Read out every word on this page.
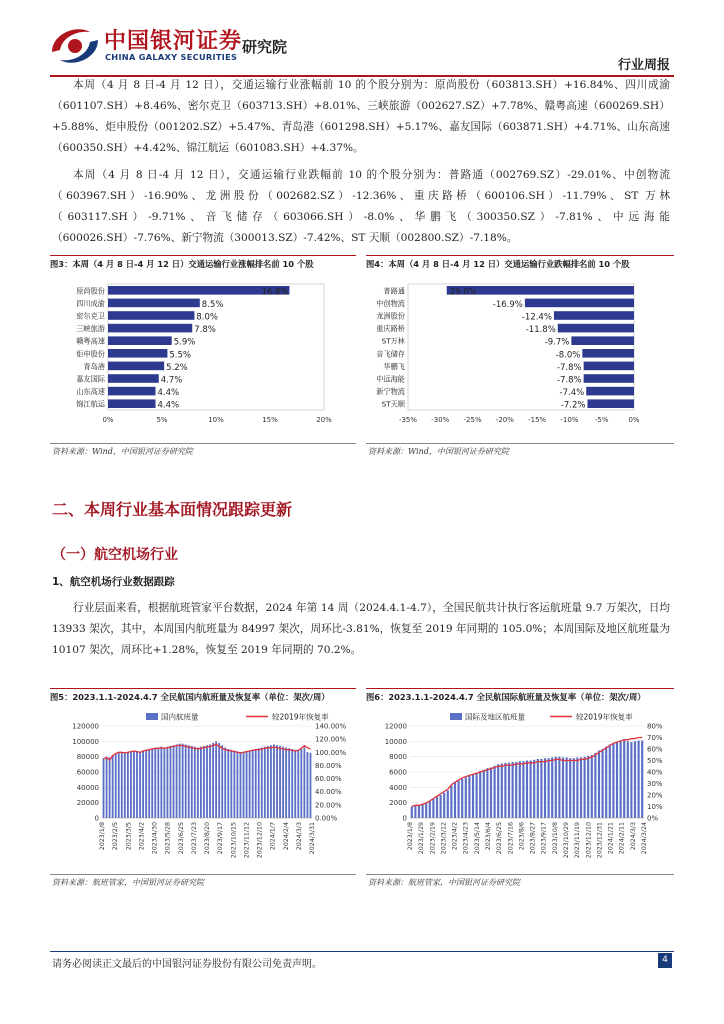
中国银河证券
CHINA GALAXY SECURITIES
研究院
行业周报

本周（4 月 8 日-4 月 12 日），交通运输行业涨幅前 10 的个股分别为：原尚股份（603813.SH）+16.84%、四川成渝（601107.SH）+8.46%、密尔克卫（603713.SH）+8.01%、三峡旅游（002627.SZ）+7.78%、赣粤高速（600269.SH）+5.88%、炬申股份（001202.SZ）+5.47%、青岛港（601298.SH）+5.17%、嘉友国际（603871.SH）+4.71%、山东高速（600350.SH）+4.42%、锦江航运（601083.SH）+4.37%。

本周（4 月 8 日-4 月 12 日），交通运输行业跌幅前 10 的个股分别为：普路通（002769.SZ）-29.01%、中创物流（603967.SH）-16.90%、龙洲股份（002682.SZ）-12.36%、重庆路桥（600106.SH）-11.79%、ST 万林（603117.SH）-9.71%、音飞储存（603066.SH）-8.0%、华鹏飞（300350.SZ）-7.81%、中远海能（600026.SH）-7.76%、新宁物流（300013.SZ）-7.42%、ST 天顺（002800.SZ）-7.18%。

图3：本周（4 月 8 日-4 月 12 日）交通运输行业涨幅排名前 10 个股
原尚股份	16.8%
四川成渝	8.5%
密尔克卫	8.0%
三峡旅游	7.8%
赣粤高速	5.9%
炬申股份	5.5%
青岛港	5.2%
嘉友国际	4.7%
山东高速	4.4%
锦江航运	4.4%
0%	5%	10%	15%	20%
资料来源：Wind，中国银河证券研究院
图4：本周（4 月 8 日-4 月 12 日）交通运输行业跌幅排名前 10 个股
普路通	29.0%
中创物流	-16.9%
龙洲股份	-12.4%
重庆路桥	-11.8%
ST万林	-9.7%
音飞储存	-8.0%
华鹏飞	-7.8%
中远海能	-7.8%
新宁物流	-7.4%
ST天顺	-7.2%
-35% -30% -25% -20% -15% -10% -5%	0%
资料来源：Wind，中国银河证券研究院
二、本周行业基本面情况跟踪更新
（一）航空机场行业
1、航空机场行业数据跟踪

行业层面来看，根据航班管家平台数据，2024 年第 14 周（2024.4.1-4.7），全国民航共计执行客运航班量 9.7 万架次，日均 13933 架次，其中，本周国内航班量为 84997 架次，周环比-3.81%，恢复至 2019 年同期的 105.0%；本周国际及地区航班量为 10107 架次，周环比+1.28%，恢复至 2019 年同期的 70.2%。

图5：2023.1.1-2024.4.7 全民航国内航班量及恢复率（单位：架次/周）
国内航班量	较2019年恢复率
0
20000
40000
60000
80000
100000
120000
0.00%
20.00%
40.00%
60.00%
80.00%
100.00%
120.00%
140.00%
2023/1/8 2023/2/5 2023/3/5 2023/4/2 2023/4/30 2023/5/28 2023/6/25 2023/7/23 2023/8/20 2023/9/17 2023/10/15 2023/11/12 2023/12/10 2024/1/7 2024/2/4 2024/3/3 2024/3/31
资料来源：航班管家，中国银河证券研究院
图6：2023.1.1-2024.4.7 全民航国际航班量及恢复率（单位：架次/周）
国际及地区航班量	较2019年恢复率
0
2000
4000
6000
8000
10000
12000
0%
10%
20%
30%
40%
50%
60%
70%
80%
2023/1/8 2023/1/29 2023/2/19 2023/3/12 2023/4/2 2023/4/23 2023/5/14 2023/6/4 2023/6/25 2023/7/16 2023/8/6 2023/8/27 2023/9/17 2023/10/8 2023/10/29 2023/11/19 2023/12/10 2023/12/31 2024/1/21 2024/2/11 2024/3/3 2024/3/24
资料来源：航班管家，中国银河证券研究院
请务必阅读正文最后的中国银河证券股份有限公司免责声明。	4
